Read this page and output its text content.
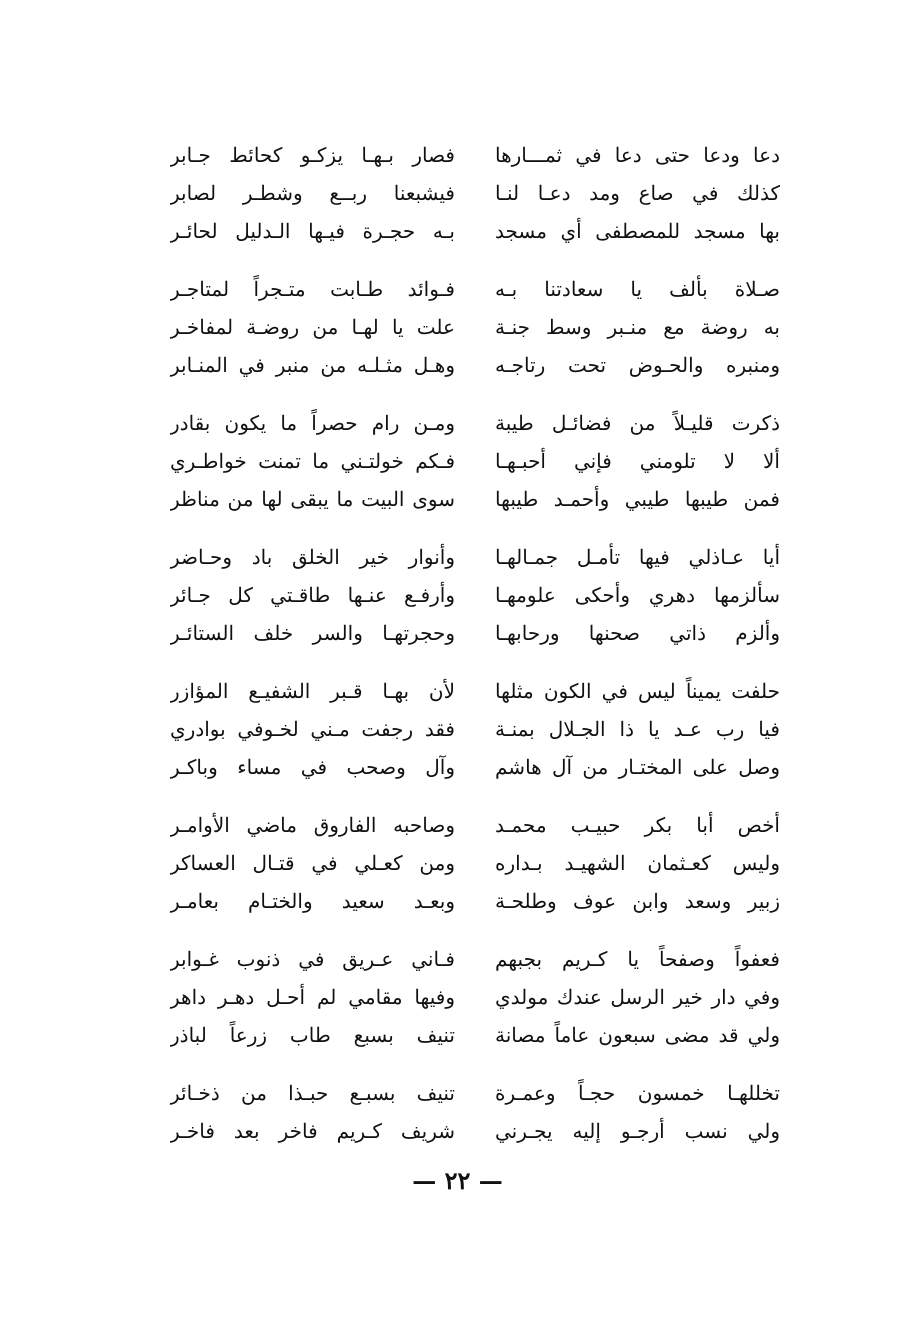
دعا ودعا حتى دعا في ثمـــارها
فصار بـهـا يزكـو كحائط جـابر
كذلك في صاع ومد دعـا لنـا
فيشبعنا ربــع وشطـر لصابر
بها مسجد للمصطفى أي مسجد
بـه حجـرة فيـها الـدليل لحائـر
صـلاة بألف يا سعادتنا بـه
فـوائد طـابت متـجراً لمتاجـر
به روضة مع منـبر وسط جنـة
علت يا لهـا من روضـة لمفاخـر
ومنبره والحـوض تحت رتاجـه
وهـل مثـلـه من منبر في المنـابر
ذكرت قليـلاً من فضائـل طيبة
ومـن رام حصراً ما يكون بقادر
ألا لا تلومني فإني أحبـهـا
فـكم خولتـني ما تمنت خواطـري
فمن طيبها طيبي وأحمـد طيبها
سوى البيت ما يبقى لها من مناظر
أيا عـاذلي فيها تأمـل جمـالهـا
وأنوار خير الخلق باد وحـاضر
سألزمها دهري وأحكى علومهـا
وأرفـع عنـها طاقـتي كل جـائر
وألزم ذاتي صحنها ورحابهـا
وحجرتهـا والسر خلف الستائـر
حلفت يميناً ليس في الكون مثلها
لأن بهـا قـبر الشفيـع المؤازر
فيا رب عـد يا ذا الجـلال بمنـة
فقد رجفت مـني لخـوفي بوادري
وصل على المختـار من آل هاشم
وآل وصحب في مساء وباكـر
أخص أبا بكر حبيـب محمـد
وصاحبه الفاروق ماضي الأوامـر
وليس كعـثمان الشهيـد بـداره
ومن كعـلي في قتـال العساكر
زبير وسعد وابن عوف وطلحـة
وبعـد سعيد والختـام بعامـر
فعفواً وصفحاً يا كـريم بجبهم
فـاني عـريق في ذنوب غـوابر
وفي دار خير الرسل عندك مولدي
وفيها مقامي لم أحـل دهـر داهر
ولي قد مضى سبعون عاماً مصانة
تنيف بسبع طاب زرعاً لباذر
تخللهـا خمسون حجـاً وعمـرة
تنيف بسبـع حبـذا من ذخـائر
ولي نسب أرجـو إليه يجـرني
شريف كـريم فاخر بعد فاخـر
— ٢٢ —
